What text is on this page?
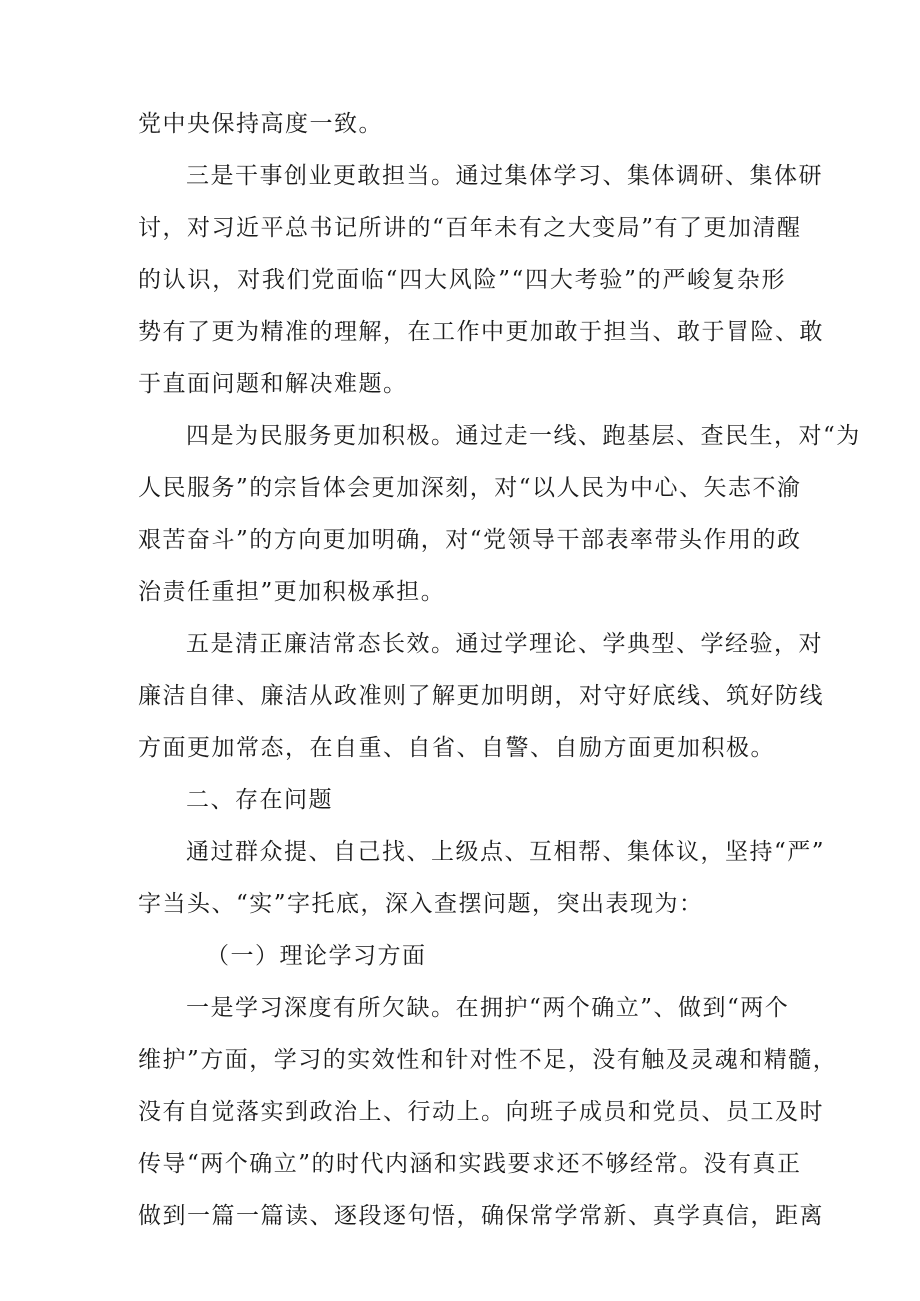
党中央保持高度一致。
三是干事创业更敢担当。通过集体学习、集体调研、集体研
讨，对习近平总书记所讲的“百年未有之大变局”有了更加清醒
的认识，对我们党面临“四大风险”“四大考验”的严峻复杂形
势有了更为精准的理解，在工作中更加敢于担当、敢于冒险、敢
于直面问题和解决难题。
四是为民服务更加积极。通过走一线、跑基层、查民生，对“为
人民服务”的宗旨体会更加深刻，对“以人民为中心、矢志不渝
艰苦奋斗”的方向更加明确，对“党领导干部表率带头作用的政
治责任重担”更加积极承担。
五是清正廉洁常态长效。通过学理论、学典型、学经验，对
廉洁自律、廉洁从政准则了解更加明朗，对守好底线、筑好防线
方面更加常态，在自重、自省、自警、自励方面更加积极。
二、存在问题
通过群众提、自己找、上级点、互相帮、集体议，坚持“严”
字当头、“实”字托底，深入查摆问题，突出表现为：
（一）理论学习方面
一是学习深度有所欠缺。在拥护“两个确立”、做到“两个
维护”方面，学习的实效性和针对性不足，没有触及灵魂和精髓，
没有自觉落实到政治上、行动上。向班子成员和党员、员工及时
传导“两个确立”的时代内涵和实践要求还不够经常。没有真正
做到一篇一篇读、逐段逐句悟，确保常学常新、真学真信，距离
